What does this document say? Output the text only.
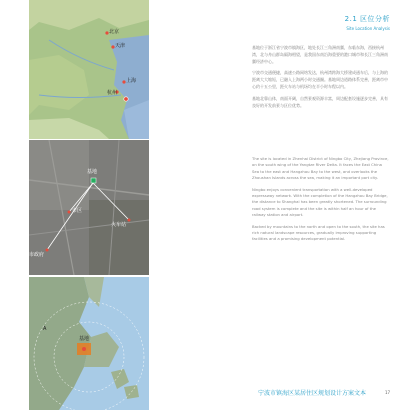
北京
天津
上海
杭州
基地
市区
市政府
火车站
A
基地
2.1 区位分析
Site Location Analysis

基地位于浙江省宁波市镇海区，地处长江三角洲南翼，东临东海，西接杭州湾，北与舟山群岛隔海相望，是我国东南沿海重要的港口城市和长江三角洲南翼经济中心。

宁波市交通便捷，高速公路网络发达，杭州湾跨海大桥建成通车后，与上海的距离大大缩短，已融入上海两小时交通圈。基地周边道路体系完善，距离市中心约十五公里，距火车站与机场均在半小时车程以内。

基地北靠山体，南面开阔，自然景观资源丰富，周边配套设施逐步完善，具有良好的开发前景与区位优势。

The site is located in Zhenhai District of Ningbo City, Zhejiang Province, on the south wing of the Yangtze River Delta. It faces the East China Sea to the east and Hangzhou Bay to the west, and overlooks the Zhoushan Islands across the sea, making it an important port city.

Ningbo enjoys convenient transportation with a well-developed expressway network. With the completion of the Hangzhou Bay Bridge, the distance to Shanghai has been greatly shortened. The surrounding road system is complete and the site is within half an hour of the railway station and airport.

Backed by mountains to the north and open to the south, the site has rich natural landscape resources, gradually improving supporting facilities and a promising development potential.

宁波市镇海区某居住区规划设计方案文本	17
